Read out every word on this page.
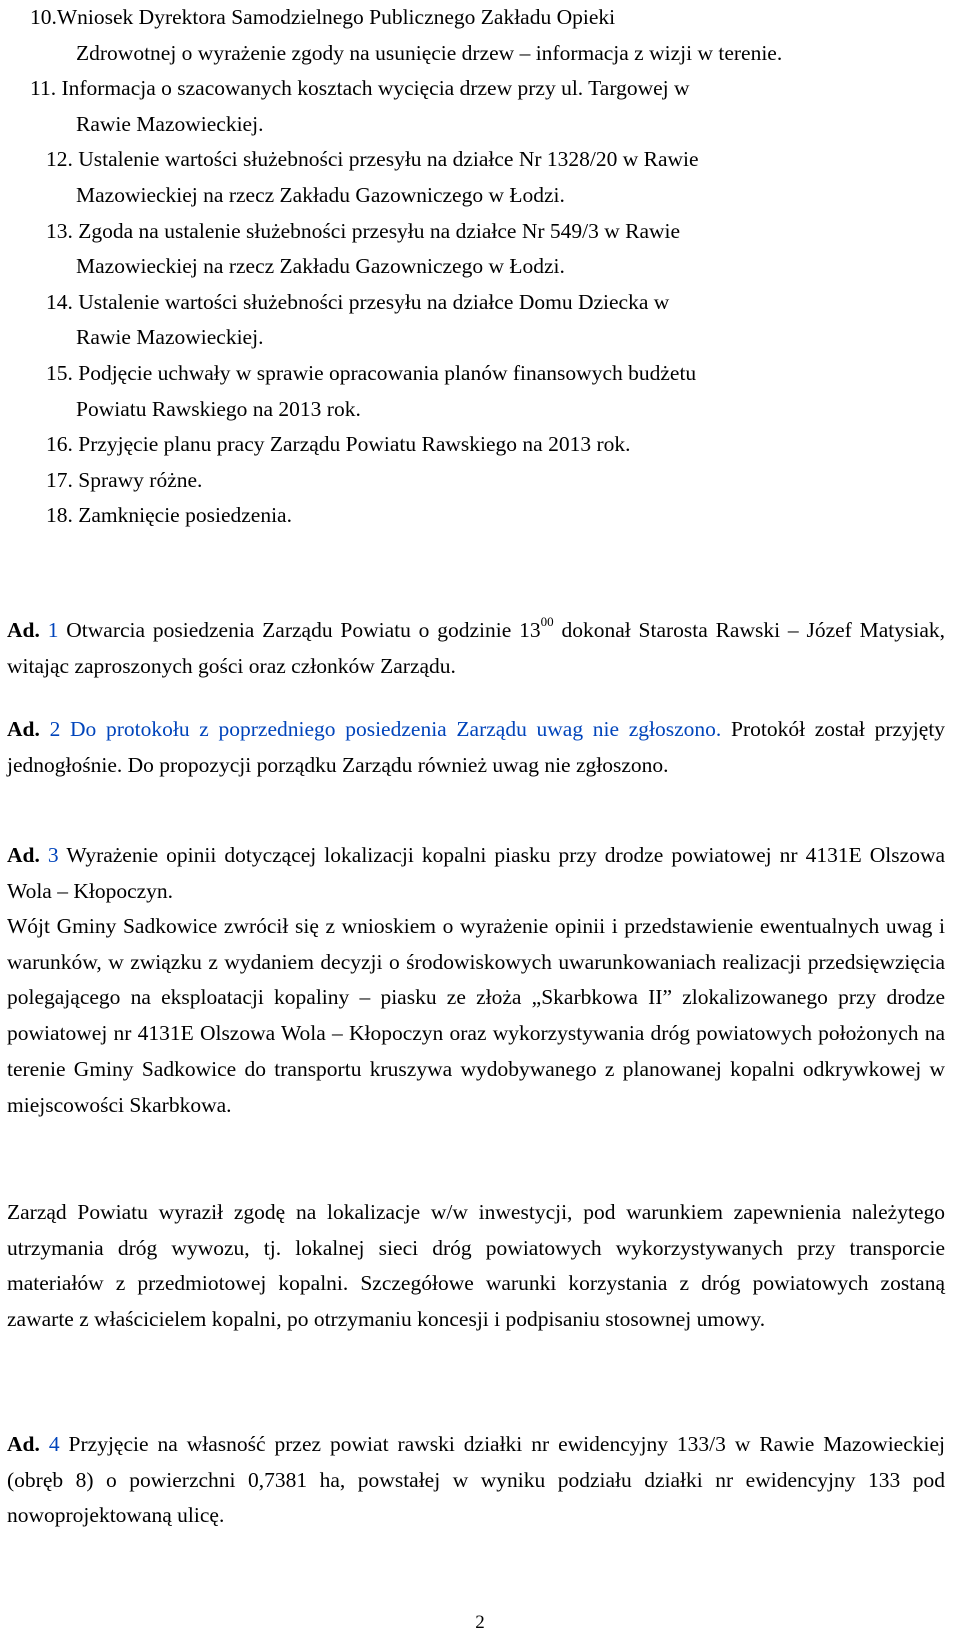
10.Wniosek Dyrektora Samodzielnego Publicznego Zakładu Opieki
Zdrowotnej o wyrażenie zgody na usunięcie drzew – informacja z wizji w terenie.
11. Informacja o szacowanych kosztach wycięcia drzew przy ul. Targowej w
Rawie Mazowieckiej.
12. Ustalenie wartości służebności przesyłu na działce Nr 1328/20 w Rawie
Mazowieckiej na rzecz Zakładu Gazowniczego w Łodzi.
13. Zgoda na ustalenie służebności przesyłu na działce Nr 549/3 w Rawie
Mazowieckiej na rzecz Zakładu Gazowniczego w Łodzi.
14. Ustalenie wartości służebności przesyłu na działce Domu Dziecka w
Rawie Mazowieckiej.
15. Podjęcie uchwały w sprawie opracowania planów finansowych budżetu
Powiatu Rawskiego na 2013 rok.
16. Przyjęcie planu pracy Zarządu Powiatu Rawskiego na 2013 rok.
17. Sprawy różne.
18. Zamknięcie posiedzenia.
Ad. 1 Otwarcia posiedzenia Zarządu Powiatu o godzinie $13^{00}$ dokonał Starosta Rawski – Józef Matysiak, witając zaproszonych gości oraz członków Zarządu.
Ad. 2 Do protokołu z poprzedniego posiedzenia Zarządu uwag nie zgłoszono. Protokół został przyjęty jednogłośnie. Do propozycji porządku Zarządu również uwag nie zgłoszono.
Ad. 3 Wyrażenie opinii dotyczącej lokalizacji kopalni piasku przy drodze powiatowej nr 4131E Olszowa Wola – Kłopoczyn.
Wójt Gminy Sadkowice zwrócił się z wnioskiem o wyrażenie opinii i przedstawienie ewentualnych uwag i warunków, w związku z wydaniem decyzji o środowiskowych uwarunkowaniach realizacji przedsięwzięcia polegającego na eksploatacji kopaliny – piasku ze złoża „Skarbkowa II” zlokalizowanego przy drodze powiatowej nr 4131E Olszowa Wola – Kłopoczyn oraz wykorzystywania dróg powiatowych położonych na terenie Gminy Sadkowice do transportu kruszywa wydobywanego z planowanej kopalni odkrywkowej w miejscowości Skarbkowa.
Zarząd Powiatu wyraził zgodę na lokalizacje w/w inwestycji, pod warunkiem zapewnienia należytego utrzymania dróg wywozu, tj. lokalnej sieci dróg powiatowych wykorzystywanych przy transporcie materiałów z przedmiotowej kopalni. Szczegółowe warunki korzystania z dróg powiatowych zostaną zawarte z właścicielem kopalni, po otrzymaniu koncesji i podpisaniu stosownej umowy.
Ad. 4 Przyjęcie na własność przez powiat rawski działki nr ewidencyjny 133/3 w Rawie Mazowieckiej (obręb 8) o powierzchni 0,7381 ha, powstałej w wyniku podziału działki nr ewidencyjny 133 pod nowoprojektowaną ulicę.
2
